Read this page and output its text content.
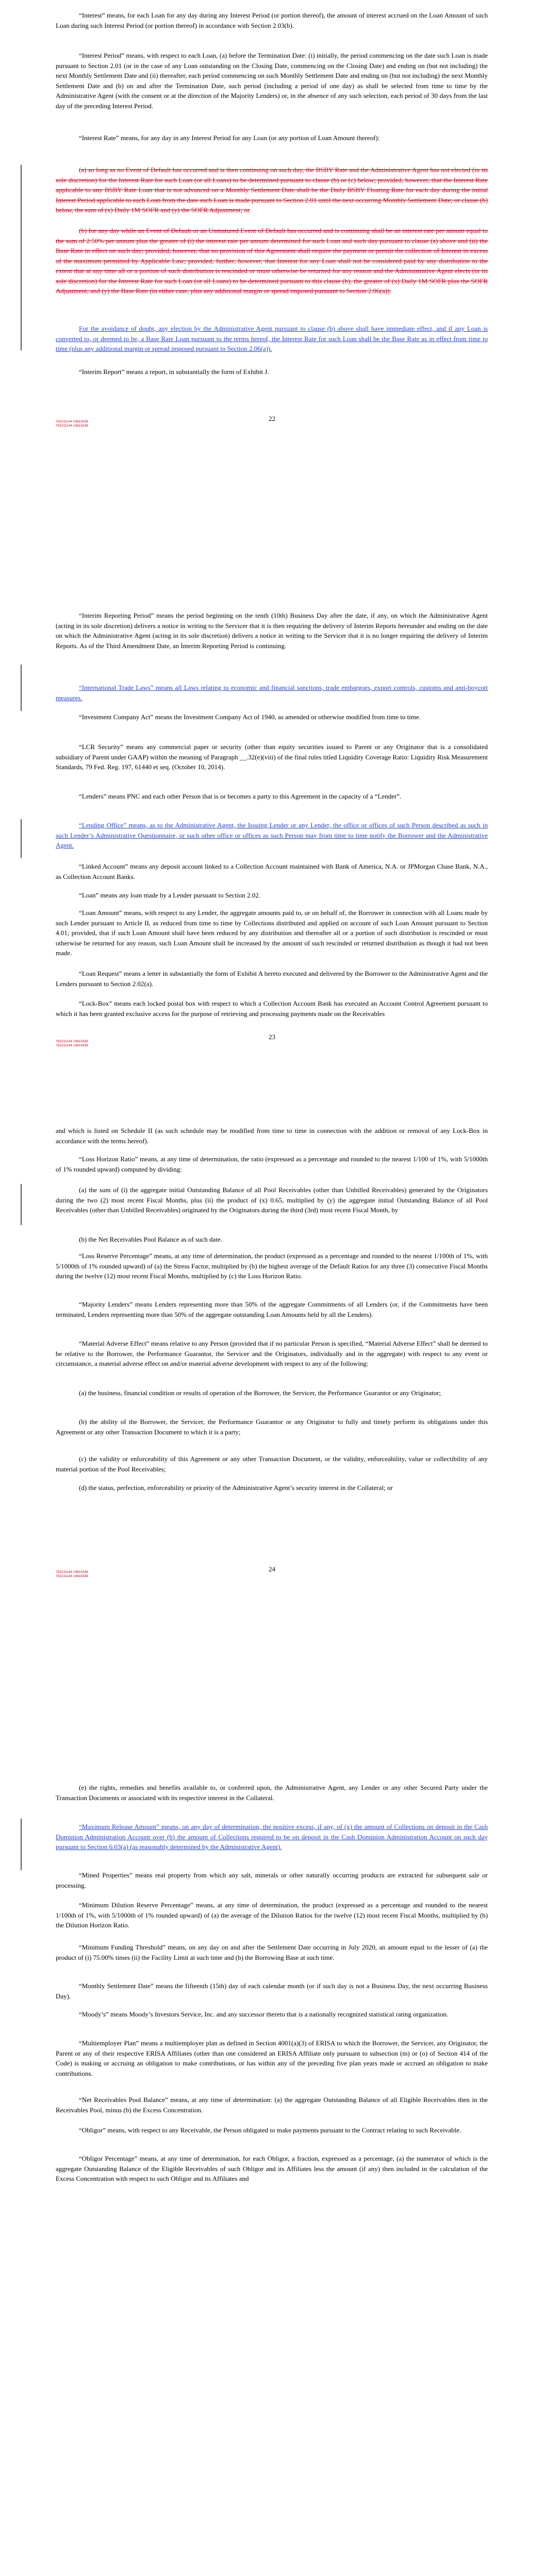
“Interest” means, for each Loan for any day during any Interest Period (or portion thereof), the amount of interest accrued on the Loan Amount of such Loan during such Interest Period (or portion thereof) in accordance with Section 2.03(b).

“Interest Period” means, with respect to each Loan, (a) before the Termination Date: (i) initially, the period commencing on the date such Loan is made pursuant to Section 2.01 (or in the case of any Loan outstanding on the Closing Date, commencing on the Closing Date) and ending on (but not including) the next Monthly Settlement Date and (ii) thereafter, each period commencing on such Monthly Settlement Date and ending on (but not including) the next Monthly Settlement Date and (b) on and after the Termination Date, such period (including a period of one day) as shall be selected from time to time by the Administrative Agent (with the consent or at the direction of the Majority Lenders) or, in the absence of any such selection, each period of 30 days from the last day of the preceding Interest Period.

“Interest Rate” means, for any day in any Interest Period for any Loan (or any portion of Loan Amount thereof):

(a) so long as no Event of Default has occurred and is then continuing on such day, the BSBY Rate and the Administrative Agent has not elected (in its sole discretion) for the Interest Rate for such Loan (or all Loans) to be determined pursuant to clause (b) or (c) below; provided, however, that the Interest Rate applicable to any BSBY Rate Loan that is not advanced on a Monthly Settlement Date shall be the Daily BSBY Floating Rate for each day during the initial Interest Period applicable to such Loan from the date such Loan is made pursuant to Section 2.01 until the next occurring Monthly Settlement Date; or clause (b) below, the sum of (x) Daily 1M SOFR and (y) the SOFR Adjustment; or

(b) for any day while an Event of Default or an Unmatured Event of Default has occurred and is continuing shall be an interest rate per annum equal to the sum of 2.50% per annum plus the greater of (i) the interest rate per annum determined for such Loan and such day pursuant to clause (a) above and (ii) the Base Rate in effect on such day; provided, however, that no provision of this Agreement shall require the payment or permit the collection of Interest in excess of the maximum permitted by Applicable Law; provided, further, however, that Interest for any Loan shall not be considered paid by any distribution to the extent that at any time all or a portion of such distribution is rescinded or must otherwise be returned for any reason and the Administrative Agent elects (in its sole discretion) for the Interest Rate for such Loan (or all Loans) to be determined pursuant to this clause (b), the greater of (x) Daily 1M SOFR plus the SOFR Adjustment, and (y) the Base Rate (in either case, plus any additional margin or spread imposed pursuant to Section 2.06(a)).

For the avoidance of doubt, any election by the Administrative Agent pursuant to clause (b) above shall have immediate effect, and if any Loan is converted to, or deemed to be, a Base Rate Loan pursuant to the terms hereof, the Interest Rate for such Loan shall be the Base Rate as in effect from time to time (plus any additional margin or spread imposed pursuant to Section 2.06(a)).

“Interim Report” means a report, in substantially the form of Exhibit J.

762231144 19615438
762231144 19615438
22

“Interim Reporting Period” means the period beginning on the tenth (10th) Business Day after the date, if any, on which the Administrative Agent (acting in its sole discretion) delivers a notice in writing to the Servicer that it is then requiring the delivery of Interim Reports hereunder and ending on the date on which the Administrative Agent (acting in its sole discretion) delivers a notice in writing to the Servicer that it is no longer requiring the delivery of Interim Reports. As of the Third Amendment Date, an Interim Reporting Period is continuing.

“International Trade Laws” means all Laws relating to economic and financial sanctions, trade embargoes, export controls, customs and anti-boycott measures.

“Investment Company Act” means the Investment Company Act of 1940, as amended or otherwise modified from time to time.

“LCR Security” means any commercial paper or security (other than equity securities issued to Parent or any Originator that is a consolidated subsidiary of Parent under GAAP) within the meaning of Paragraph __.32(e)(viii) of the final rules titled Liquidity Coverage Ratio: Liquidity Risk Measurement Standards, 79 Fed. Reg. 197, 61440 et seq. (October 10, 2014).

“Lenders” means PNC and each other Person that is or becomes a party to this Agreement in the capacity of a “Lender”.

“Lending Office” means, as to the Administrative Agent, the Issuing Lender or any Lender, the office or offices of such Person described as such in such Lender’s Administrative Questionnaire, or such other office or offices as such Person may from time to time notify the Borrower and the Administrative Agent.

“Linked Account” means any deposit account linked to a Collection Account maintained with Bank of America, N.A. or JPMorgan Chase Bank, N.A., as Collection Account Banks.

“Loan” means any loan made by a Lender pursuant to Section 2.02.

“Loan Amount” means, with respect to any Lender, the aggregate amounts paid to, or on behalf of, the Borrower in connection with all Loans made by such Lender pursuant to Article II, as reduced from time to time by Collections distributed and applied on account of such Loan Amount pursuant to Section 4.01; provided, that if such Loan Amount shall have been reduced by any distribution and thereafter all or a portion of such distribution is rescinded or must otherwise be returned for any reason, such Loan Amount shall be increased by the amount of such rescinded or returned distribution as though it had not been made.

“Loan Request” means a letter in substantially the form of Exhibit A hereto executed and delivered by the Borrower to the Administrative Agent and the Lenders pursuant to Section 2.02(a).

“Lock-Box” means each locked postal box with respect to which a Collection Account Bank has executed an Account Control Agreement pursuant to which it has been granted exclusive access for the purpose of retrieving and processing payments made on the Receivables

762231144 19615438
762231144 19615438
23

and which is listed on Schedule II (as such schedule may be modified from time to time in connection with the addition or removal of any Lock-Box in accordance with the terms hereof).

“Loss Horizon Ratio” means, at any time of determination, the ratio (expressed as a percentage and rounded to the nearest 1/100 of 1%, with 5/1000th of 1% rounded upward) computed by dividing:

(a) the sum of (i) the aggregate initial Outstanding Balance of all Pool Receivables (other than Unbilled Receivables) generated by the Originators during the two (2) most recent Fiscal Months, plus (ii) the product of (x) 0.65, multiplied by (y) the aggregate initial Outstanding Balance of all Pool Receivables (other than Unbilled Receivables) originated by the Originators during the third (3rd) most recent Fiscal Month, by

(b) the Net Receivables Pool Balance as of such date.

“Loss Reserve Percentage” means, at any time of determination, the product (expressed as a percentage and rounded to the nearest 1/100th of 1%, with 5/1000th of 1% rounded upward) of (a) the Stress Factor, multiplied by (b) the highest average of the Default Ratios for any three (3) consecutive Fiscal Months during the twelve (12) most recent Fiscal Months, multiplied by (c) the Loss Horizon Ratio.

“Majority Lenders” means Lenders representing more than 50% of the aggregate Commitments of all Lenders (or, if the Commitments have been terminated, Lenders representing more than 50% of the aggregate outstanding Loan Amounts held by all the Lenders).

“Material Adverse Effect” means relative to any Person (provided that if no particular Person is specified, “Material Adverse Effect” shall be deemed to be relative to the Borrower, the Performance Guarantor, the Servicer and the Originators, individually and in the aggregate) with respect to any event or circumstance, a material adverse effect on and/or material adverse development with respect to any of the following:

(a) the business, financial condition or results of operation of the Borrower, the Servicer, the Performance Guarantor or any Originator;

(b) the ability of the Borrower, the Servicer, the Performance Guarantor or any Originator to fully and timely perform its obligations under this Agreement or any other Transaction Document to which it is a party;

(c) the validity or enforceability of this Agreement or any other Transaction Document, or the validity, enforceability, value or collectibility of any material portion of the Pool Receivables;

(d) the status, perfection, enforceability or priority of the Administrative Agent’s security interest in the Collateral; or

762231144 19615438
762231144 19615438
24

(e) the rights, remedies and benefits available to, or conferred upon, the Administrative Agent, any Lender or any other Secured Party under the Transaction Documents or associated with its respective interest in the Collateral.

“Maximum Release Amount” means, on any day of determination, the positive excess, if any, of (x) the amount of Collections on deposit in the Cash Dominion Administration Account over (b) the amount of Collections required to be on deposit in the Cash Dominion Administration Account on such day pursuant to Section 6.03(a) (as reasonably determined by the Administrative Agent).

“Mined Properties” means real property from which any salt, minerals or other naturally occurring products are extracted for subsequent sale or processing.

“Minimum Dilution Reserve Percentage” means, at any time of determination, the product (expressed as a percentage and rounded to the nearest 1/100th of 1%, with 5/1000th of 1% rounded upward) of (a) the average of the Dilution Ratios for the twelve (12) most recent Fiscal Months, multiplied by (b) the Dilution Horizon Ratio.

“Minimum Funding Threshold” means, on any day on and after the Settlement Date occurring in July 2020, an amount equal to the lesser of (a) the product of (i) 75.00% times (ii) the Facility Limit at such time and (b) the Borrowing Base at such time.

“Monthly Settlement Date” means the fifteenth (15th) day of each calendar month (or if such day is not a Business Day, the next occurring Business Day).

“Moody’s” means Moody’s Investors Service, Inc. and any successor thereto that is a nationally recognized statistical rating organization.

“Multiemployer Plan” means a multiemployer plan as defined in Section 4001(a)(3) of ERISA to which the Borrower, the Servicer, any Originator, the Parent or any of their respective ERISA Affiliates (other than one considered an ERISA Affiliate only pursuant to subsection (m) or (o) of Section 414 of the Code) is making or accruing an obligation to make contributions, or has within any of the preceding five plan years made or accrued an obligation to make contributions.

“Net Receivables Pool Balance” means, at any time of determination: (a) the aggregate Outstanding Balance of all Eligible Receivables then in the Receivables Pool, minus (b) the Excess Concentration.

“Obligor” means, with respect to any Receivable, the Person obligated to make payments pursuant to the Contract relating to such Receivable.

“Obligor Percentage” means, at any time of determination, for each Obligor, a fraction, expressed as a percentage, (a) the numerator of which is the aggregate Outstanding Balance of the Eligible Receivables of such Obligor and its Affiliates less the amount (if any) then included in the calculation of the Excess Concentration with respect to such Obligor and its Affiliates and
